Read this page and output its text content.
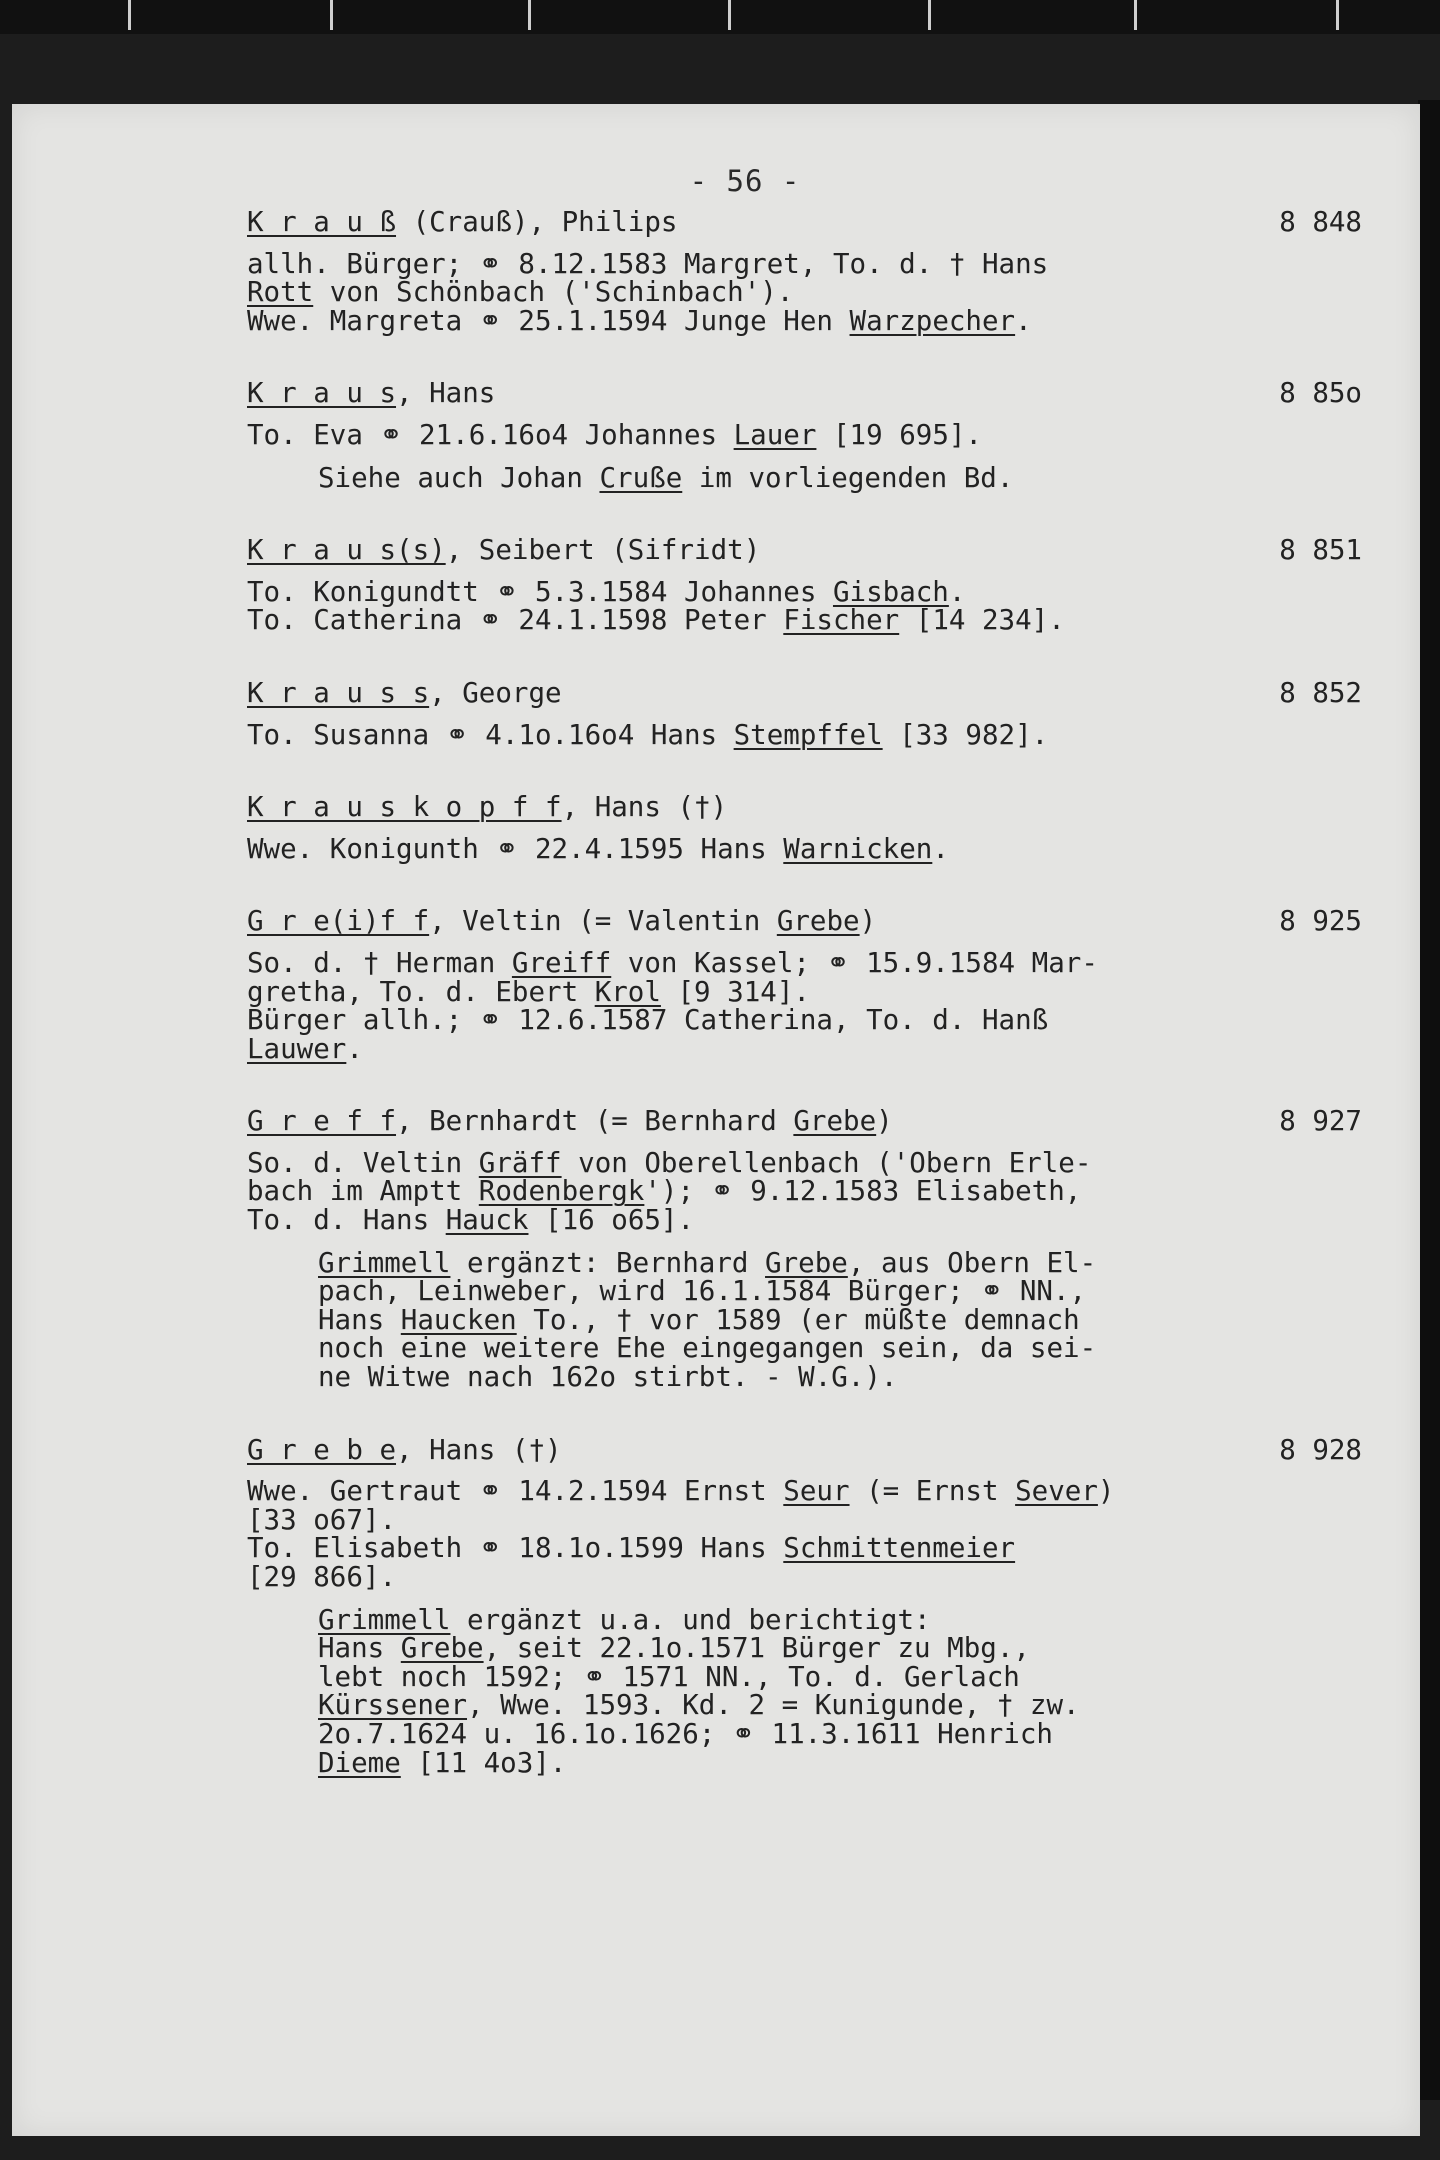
- 56 -
K r a u ß (Crauß), Philips	8 848
allh. Bürger; ⚭ 8.12.1583 Margret, To. d. † Hans
Rott von Schönbach ('Schinbach').
Wwe. Margreta ⚭ 25.1.1594 Junge Hen Warzpecher.
K r a u s, Hans	8 85o
To. Eva ⚭ 21.6.16o4 Johannes Lauer [19 695].
Siehe auch Johan Cruße im vorliegenden Bd.
K r a u s(s), Seibert (Sifridt)	8 851
To. Konigundtt ⚭ 5.3.1584 Johannes Gisbach.
To. Catherina ⚭ 24.1.1598 Peter Fischer [14 234].
K r a u s s, George	8 852
To. Susanna ⚭ 4.1o.16o4 Hans Stempffel [33 982].
K r a u s k o p f f, Hans (†)
Wwe. Konigunth ⚭ 22.4.1595 Hans Warnicken.
G r e(i)f f, Veltin (= Valentin Grebe)	8 925
So. d. † Herman Greiff von Kassel; ⚭ 15.9.1584 Mar-
gretha, To. d. Ebert Krol [9 314].
Bürger allh.; ⚭ 12.6.1587 Catherina, To. d. Hanß
Lauwer.
G r e f f, Bernhardt (= Bernhard Grebe)	8 927
So. d. Veltin Gräff von Oberellenbach ('Obern Erle-
bach im Amptt Rodenbergk'); ⚭ 9.12.1583 Elisabeth,
To. d. Hans Hauck [16 o65].
Grimmell ergänzt: Bernhard Grebe, aus Obern El-
pach, Leinweber, wird 16.1.1584 Bürger; ⚭ NN.,
Hans Haucken To., † vor 1589 (er müßte demnach
noch eine weitere Ehe eingegangen sein, da sei-
ne Witwe nach 162o stirbt. - W.G.).
G r e b e, Hans (†)	8 928
Wwe. Gertraut ⚭ 14.2.1594 Ernst Seur (= Ernst Sever)
[33 o67].
To. Elisabeth ⚭ 18.1o.1599 Hans Schmittenmeier
[29 866].
Grimmell ergänzt u.a. und berichtigt:
Hans Grebe, seit 22.1o.1571 Bürger zu Mbg.,
lebt noch 1592; ⚭ 1571 NN., To. d. Gerlach
Kürssener, Wwe. 1593. Kd. 2 = Kunigunde, † zw.
2o.7.1624 u. 16.1o.1626; ⚭ 11.3.1611 Henrich
Dieme [11 4o3].
